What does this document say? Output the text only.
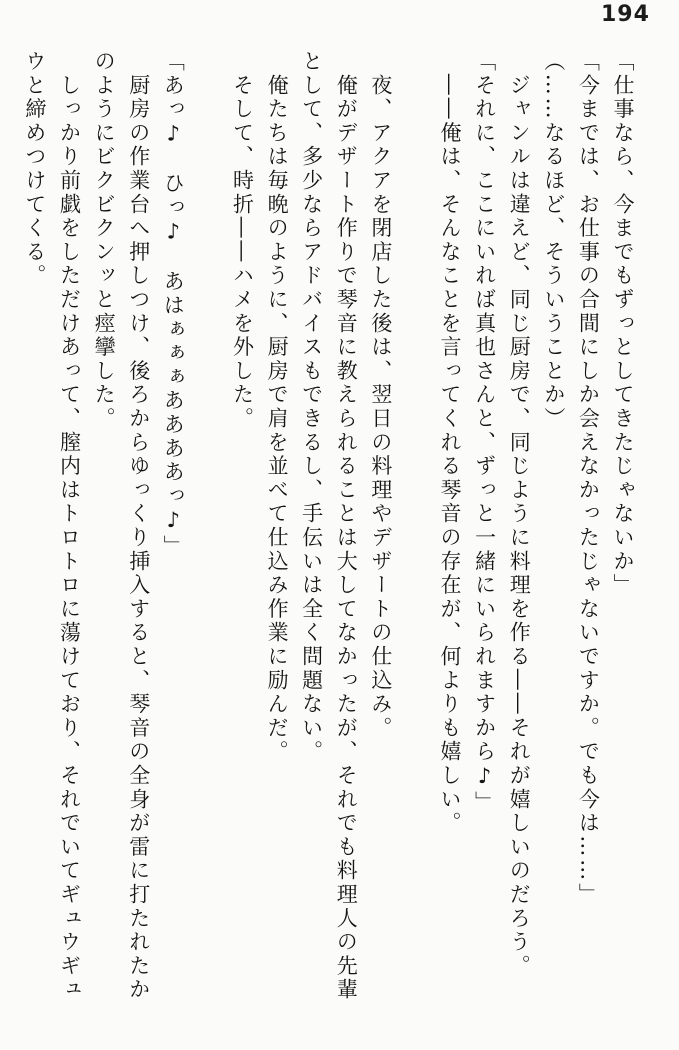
194

「仕事なら、今までもずっとしてきたじゃないか」

「今までは、お仕事の合間にしか会えなかったじゃないですか。でも今は……」

（……なるほど、そういうことか）

　ジャンルは違えど、同じ厨房で、同じように料理を作る――それが嬉しいのだろう。

「それに、ここにいれば真也さんと、ずっと一緒にいられますから♪」

　――俺は、そんなことを言ってくれる琴音の存在が、何よりも嬉しい。

　夜、アクアを閉店した後は、翌日の料理やデザートの仕込み。

　俺がデザート作りで琴音に教えられることは大してなかったが、それでも料理人の先輩として、多少ならアドバイスもできるし、手伝いは全く問題ない。

　俺たちは毎晩のように、厨房で肩を並べて仕込み作業に励んだ。

　そして、時折――ハメを外した。

「あっ♪　ひっ♪　あはぁぁぁああああっ♪」

　厨房の作業台へ押しつけ、後ろからゆっくり挿入すると、琴音の全身が雷に打たれたかのようにビクビクンッと痙攣した。

　しっかり前戯をしただけあって、膣内はトロトロに蕩けており、それでいてギュウギュウと締めつけてくる。
